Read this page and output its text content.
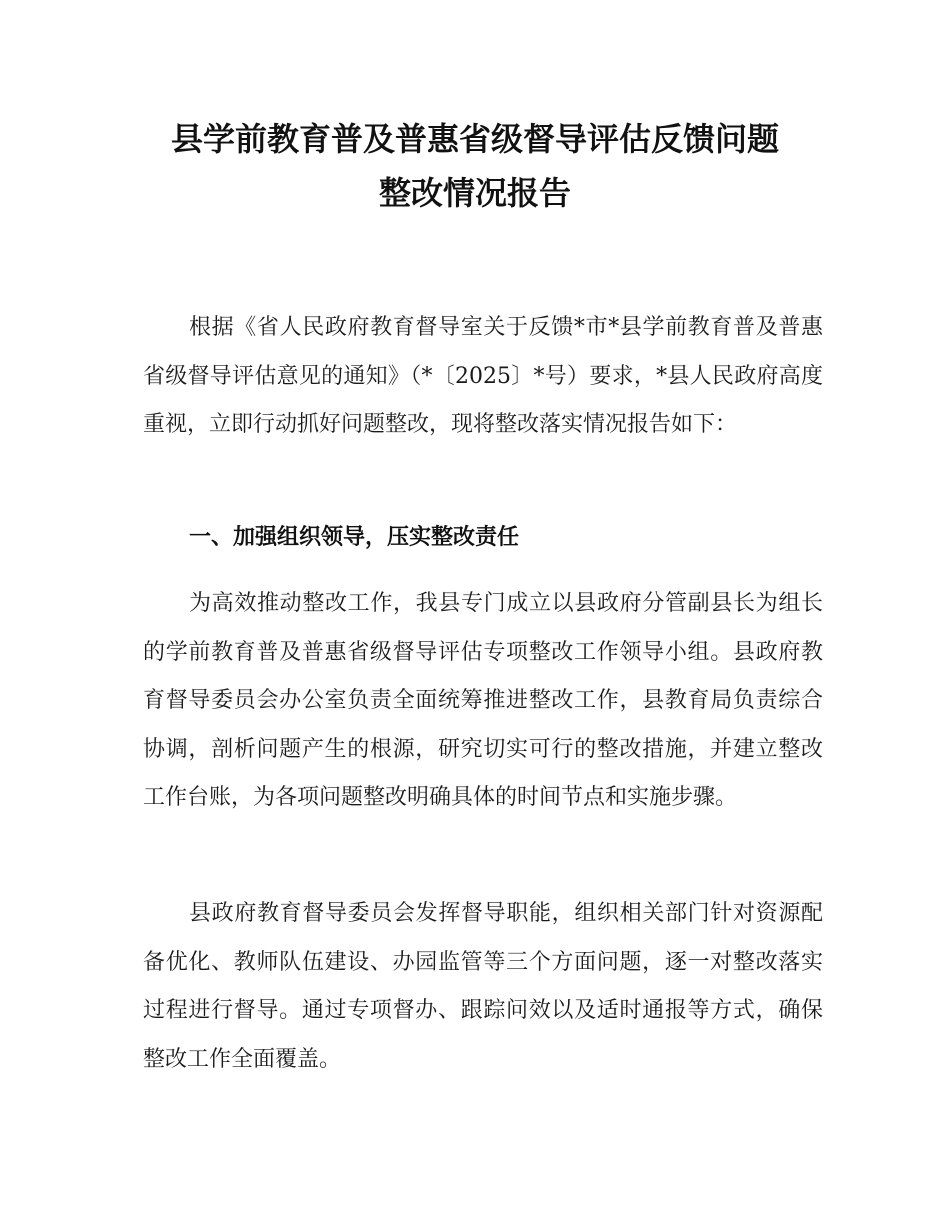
县学前教育普及普惠省级督导评估反馈问题
整改情况报告

根据《省人民政府教育督导室关于反馈*市*县学前教育普及普惠省级督导评估意见的通知》（*〔2025〕*号）要求，*县人民政府高度重视，立即行动抓好问题整改，现将整改落实情况报告如下：

一、加强组织领导，压实整改责任

为高效推动整改工作，我县专门成立以县政府分管副县长为组长的学前教育普及普惠省级督导评估专项整改工作领导小组。县政府教育督导委员会办公室负责全面统筹推进整改工作，县教育局负责综合协调，剖析问题产生的根源，研究切实可行的整改措施，并建立整改工作台账，为各项问题整改明确具体的时间节点和实施步骤。

县政府教育督导委员会发挥督导职能，组织相关部门针对资源配备优化、教师队伍建设、办园监管等三个方面问题，逐一对整改落实过程进行督导。通过专项督办、跟踪问效以及适时通报等方式，确保整改工作全面覆盖。
